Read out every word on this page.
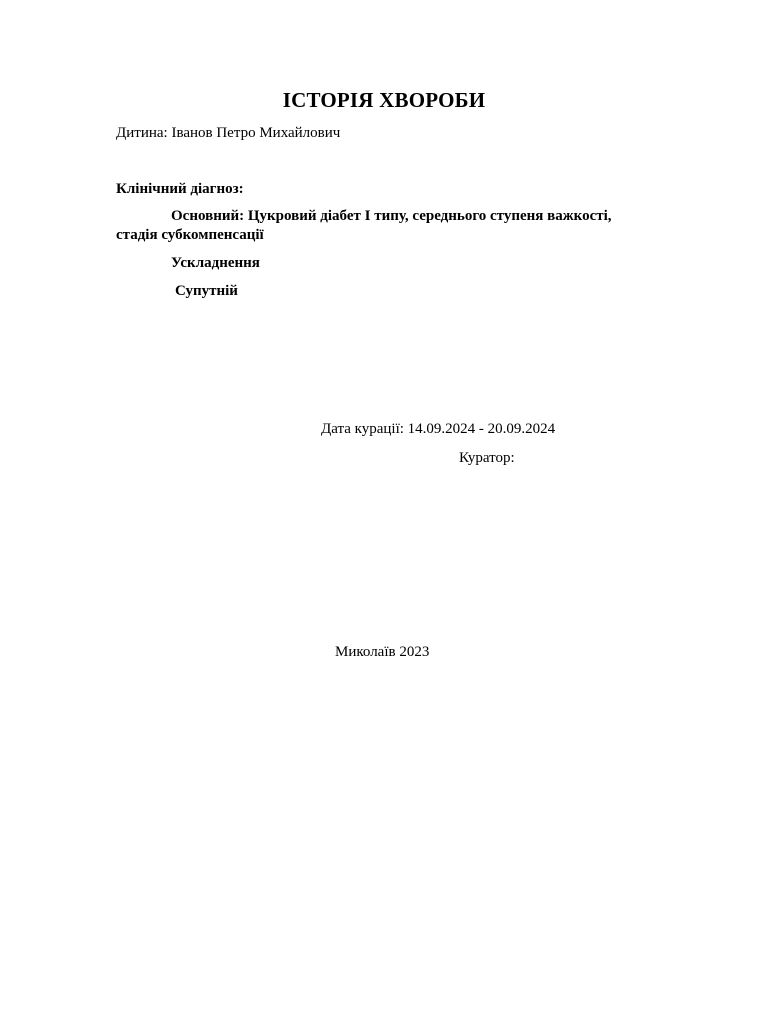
ІСТОРІЯ ХВОРОБИ
Дитина: Іванов Петро Михайлович
Клінічний діагноз:

Основний: Цукровий діабет І типу, середнього ступеня важкості, стадія субкомпенсації

Ускладнення
Супутній
Дата курації: 14.09.2024 - 20.09.2024
Куратор:
Миколаїв 2023
